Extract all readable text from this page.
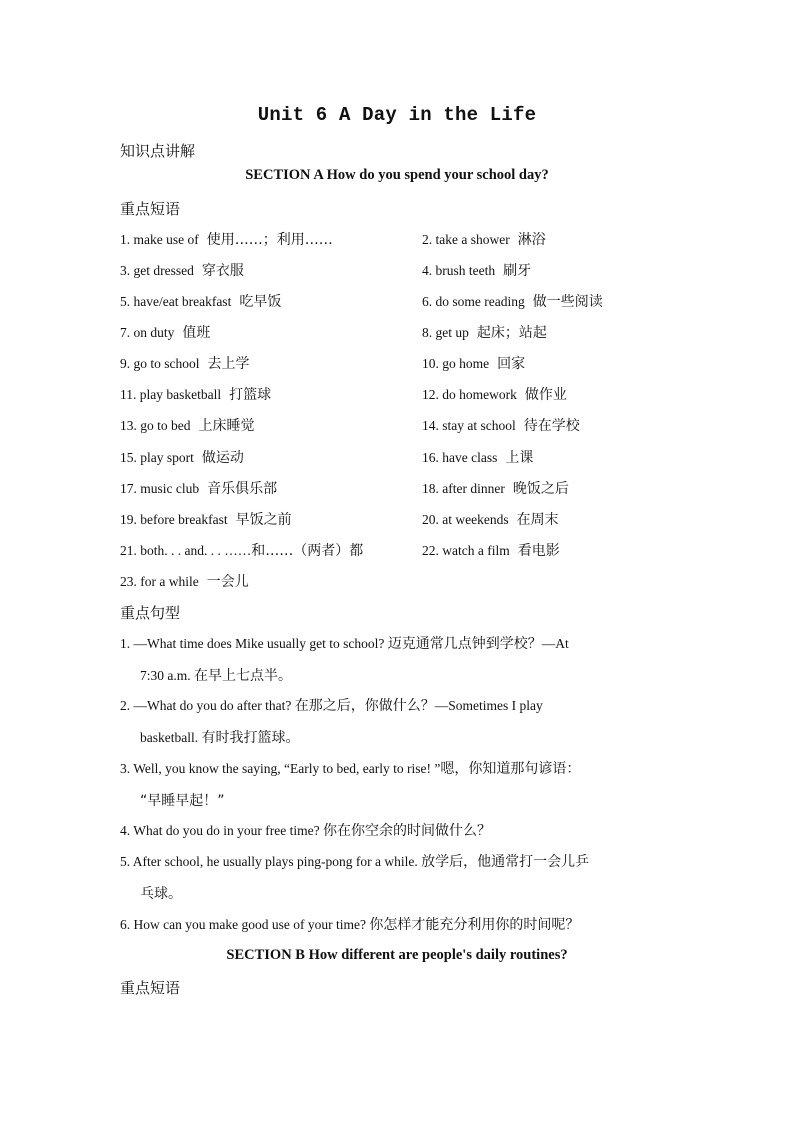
Unit 6 A Day in the Life
知识点讲解
SECTION A How do you spend your school day?
重点短语
1. make use of 使用……；利用……	2. take a shower 淋浴
3. get dressed 穿衣服	4. brush teeth 刷牙
5. have/eat breakfast 吃早饭	6. do some reading 做一些阅读
7. on duty 值班	8. get up 起床；站起
9. go to school 去上学	10. go home 回家
11. play basketball 打篮球	12. do homework 做作业
13. go to bed 上床睡觉	14. stay at school 待在学校
15. play sport 做运动	16. have class 上课
17. music club 音乐俱乐部	18. after dinner 晚饭之后
19. before breakfast 早饭之前	20. at weekends 在周末
21. both. . . and. . . ……和……（两者）都	22. watch a film 看电影
23. for a while 一会儿
重点句型
1. —What time does Mike usually get to school? 迈克通常几点钟到学校？—At
7:30 a.m. 在早上七点半。
2. —What do you do after that? 在那之后，你做什么？—Sometimes I play
basketball. 有时我打篮球。
3. Well, you know the saying, “Early to bed, early to rise! ”嗯，你知道那句谚语：
“早睡早起！”
4. What do you do in your free time? 你在你空余的时间做什么？
5. After school, he usually plays ping-pong for a while. 放学后，他通常打一会儿乒
乓球。
6. How can you make good use of your time? 你怎样才能充分利用你的时间呢？
SECTION B How different are people's daily routines?
重点短语
